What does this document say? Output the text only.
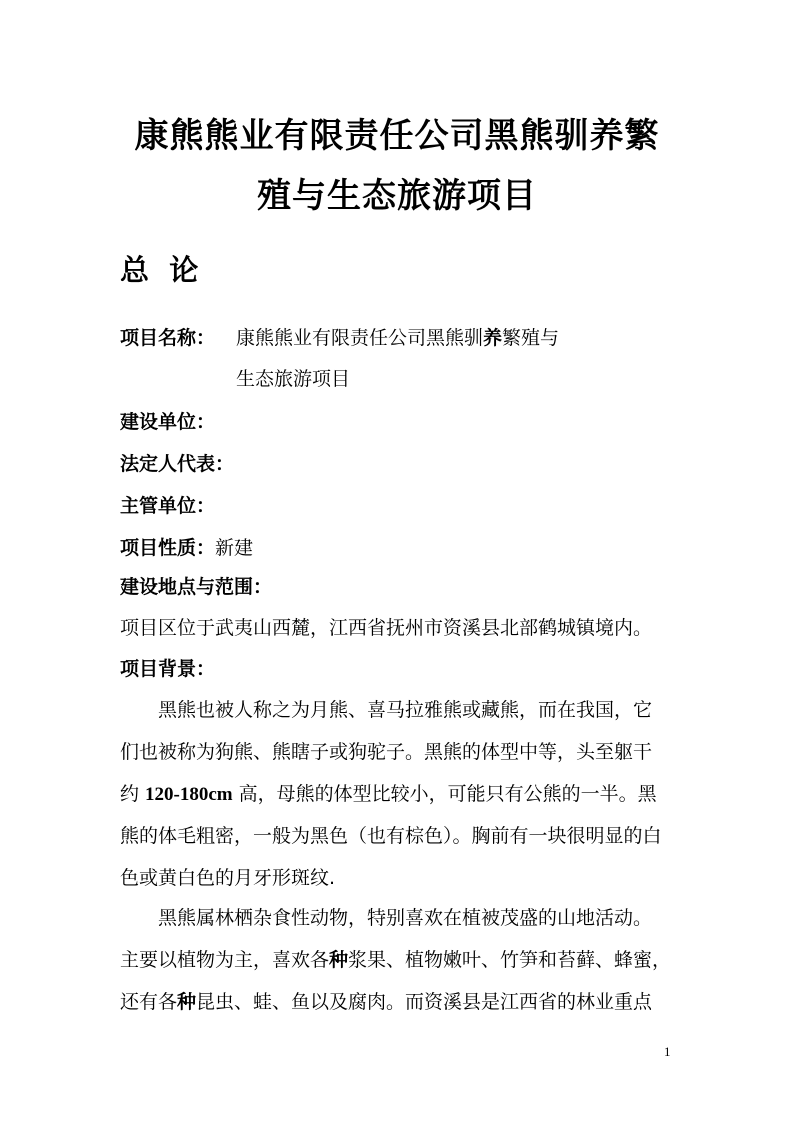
康熊熊业有限责任公司黑熊驯养繁
殖与生态旅游项目
总  论
项目名称： 康熊熊业有限责任公司黑熊驯养繁殖与
生态旅游项目
建设单位：
法定人代表：
主管单位：
项目性质：新建
建设地点与范围：
项目区位于武夷山西麓，江西省抚州市资溪县北部鹤城镇境内。
项目背景：
黑熊也被人称之为月熊、喜马拉雅熊或藏熊，而在我国，它
们也被称为狗熊、熊瞎子或狗驼子。黑熊的体型中等，头至躯干
约 120-180cm 高，母熊的体型比较小，可能只有公熊的一半。黑
熊的体毛粗密，一般为黑色（也有棕色）。胸前有一块很明显的白
色或黄白色的月牙形斑纹.
黑熊属林栖杂食性动物，特别喜欢在植被茂盛的山地活动。
主要以植物为主，喜欢各种浆果、植物嫩叶、竹笋和苔藓、蜂蜜，
还有各种昆虫、蛙、鱼以及腐肉。而资溪县是江西省的林业重点
1
